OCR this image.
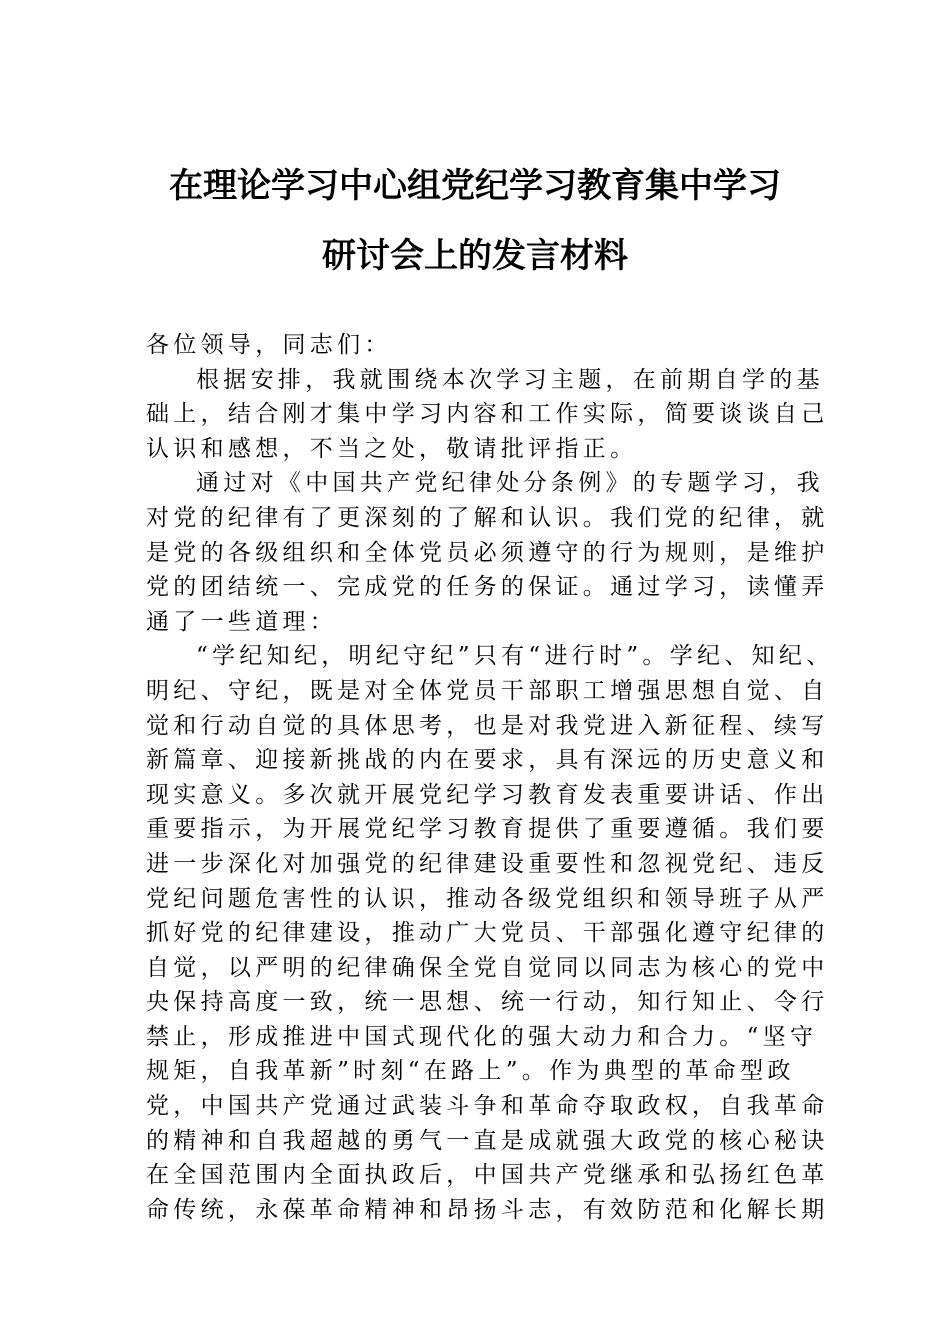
在理论学习中心组党纪学习教育集中学习
研讨会上的发言材料
各位领导，同志们：
根据安排，我就围绕本次学习主题，在前期自学的基
础上，结合刚才集中学习内容和工作实际，简要谈谈自己
认识和感想，不当之处，敬请批评指正。
通过对《中国共产党纪律处分条例》的专题学习，我
对党的纪律有了更深刻的了解和认识。我们党的纪律，就
是党的各级组织和全体党员必须遵守的行为规则，是维护
党的团结统一、完成党的任务的保证。通过学习，读懂弄
通了一些道理：
“学纪知纪，明纪守纪”只有“进行时”。学纪、知纪、
明纪、守纪，既是对全体党员干部职工增强思想自觉、自
觉和行动自觉的具体思考，也是对我党进入新征程、续写
新篇章、迎接新挑战的内在要求，具有深远的历史意义和
现实意义。多次就开展党纪学习教育发表重要讲话、作出
重要指示，为开展党纪学习教育提供了重要遵循。我们要
进一步深化对加强党的纪律建设重要性和忽视党纪、违反
党纪问题危害性的认识，推动各级党组织和领导班子从严
抓好党的纪律建设，推动广大党员、干部强化遵守纪律的
自觉，以严明的纪律确保全党自觉同以同志为核心的党中
央保持高度一致，统一思想、统一行动，知行知止、令行
禁止，形成推进中国式现代化的强大动力和合力。“坚守
规矩，自我革新”时刻“在路上”。作为典型的革命型政
党，中国共产党通过武装斗争和革命夺取政权，自我革命
的精神和自我超越的勇气一直是成就强大政党的核心秘诀
在全国范围内全面执政后，中国共产党继承和弘扬红色革
命传统，永葆革命精神和昂扬斗志，有效防范和化解长期
